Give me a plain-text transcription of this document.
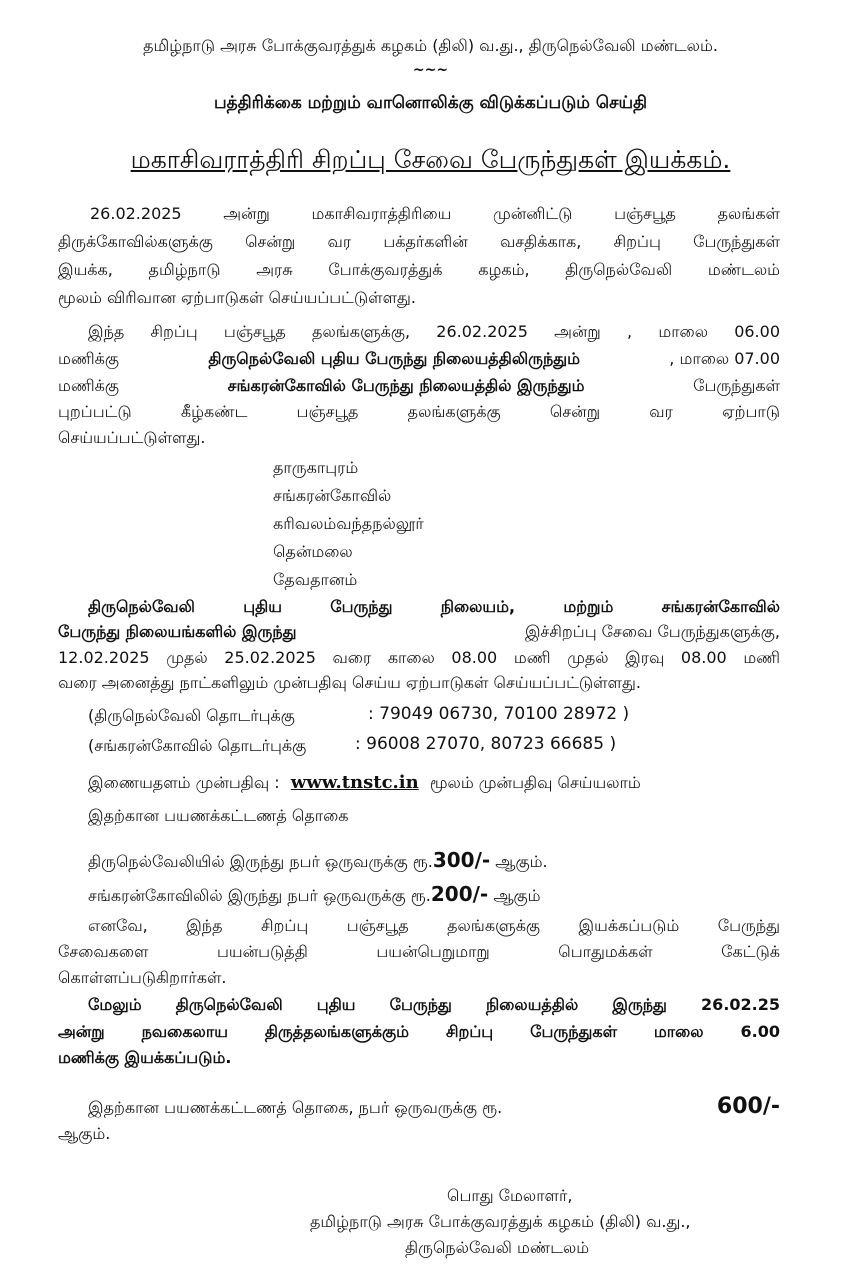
தமிழ்நாடு அரசு போக்குவரத்துக் கழகம் (திலி) வ.து., திருநெல்வேலி மண்டலம்.
~~~
பத்திரிக்கை மற்றும் வானொலிக்கு விடுக்கப்படும் செய்தி
மகாசிவராத்திரி சிறப்பு சேவை பேருந்துகள் இயக்கம்.
26.02.2025 அன்று மகாசிவராத்திரியை முன்னிட்டு பஞ்சபூத தலங்கள்
திருக்கோவில்களுக்கு சென்று வர பக்தர்களின் வசதிக்காக, சிறப்பு பேருந்துகள்
இயக்க, தமிழ்நாடு அரசு போக்குவரத்துக் கழகம், திருநெல்வேலி மண்டலம்
மூலம் விரிவான ஏற்பாடுகள் செய்யப்பட்டுள்ளது.
இந்த சிறப்பு பஞ்சபூத தலங்களுக்கு, 26.02.2025 அன்று , மாலை 06.00
மணிக்கு	திருநெல்வேலி புதிய பேருந்து நிலையத்திலிருந்தும்	, மாலை 07.00
மணிக்கு	சங்கரன்கோவில் பேருந்து நிலையத்தில் இருந்தும்	பேருந்துகள்
புறப்பட்டு கீழ்கண்ட பஞ்சபூத தலங்களுக்கு சென்று வர ஏற்பாடு
செய்யப்பட்டுள்ளது.
தாருகாபுரம்
சங்கரன்கோவில்
கரிவலம்வந்தநல்லூர்
தென்மலை
தேவதானம்
திருநெல்வேலி புதிய பேருந்து நிலையம், மற்றும் சங்கரன்கோவில்
பேருந்து நிலையங்களில் இருந்து	இச்சிறப்பு சேவை பேருந்துகளுக்கு,
12.02.2025 முதல் 25.02.2025 வரை காலை 08.00 மணி முதல் இரவு 08.00 மணி
வரை அனைத்து நாட்களிலும் முன்பதிவு செய்ய ஏற்பாடுகள் செய்யப்பட்டுள்ளது.
(திருநெல்வேலி தொடர்புக்கு	: 79049 06730, 70100 28972 )
(சங்கரன்கோவில் தொடர்புக்கு	: 96008 27070, 80723 66685 )
இணையதளம் முன்பதிவு : www.tnstc.in மூலம் முன்பதிவு செய்யலாம்
இதற்கான பயணக்கட்டணத் தொகை
திருநெல்வேலியில் இருந்து நபர் ஒருவருக்கு ரூ.300/- ஆகும்.
சங்கரன்கோவிலில் இருந்து நபர் ஒருவருக்கு ரூ.200/- ஆகும்
எனவே, இந்த சிறப்பு பஞ்சபூத தலங்களுக்கு இயக்கப்படும் பேருந்து
சேவைகளை பயன்படுத்தி பயன்பெறுமாறு பொதுமக்கள் கேட்டுக்
கொள்ளப்படுகிறார்கள்.
மேலும் திருநெல்வேலி புதிய பேருந்து நிலையத்தில் இருந்து 26.02.25
அன்று நவகைலாய திருத்தலங்களுக்கும் சிறப்பு பேருந்துகள் மாலை 6.00
மணிக்கு இயக்கப்படும்.
இதற்கான பயணக்கட்டணத் தொகை, நபர் ஒருவருக்கு ரூ.	600/-
ஆகும்.
பொது மேலாளர்,
தமிழ்நாடு அரசு போக்குவரத்துக் கழகம் (திலி) வ.து.,
திருநெல்வேலி மண்டலம்
